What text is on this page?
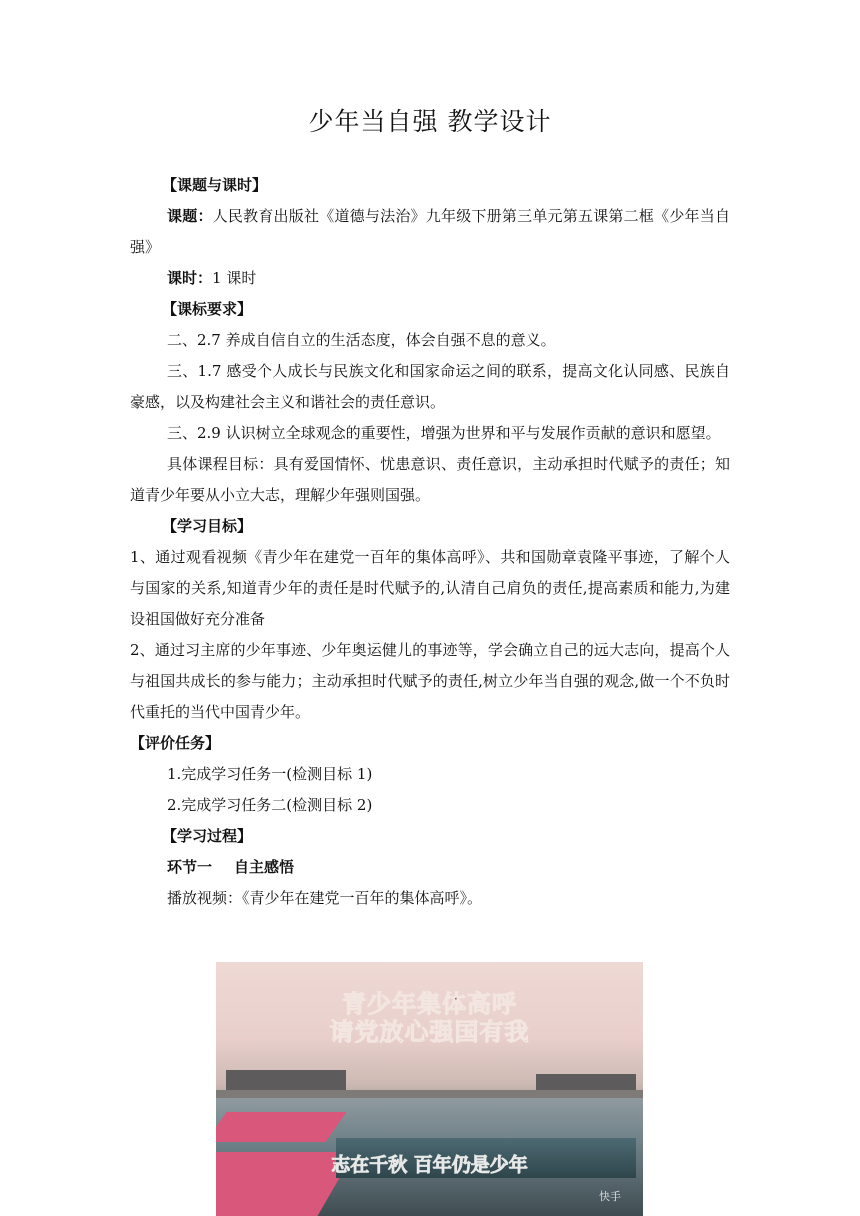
少年当自强 教学设计

【课题与课时】

课题：人民教育出版社《道德与法治》九年级下册第三单元第五课第二框《少年当自强》

课时：1 课时

【课标要求】

二、2.7 养成自信自立的生活态度，体会自强不息的意义。

三、1.7 感受个人成长与民族文化和国家命运之间的联系，提高文化认同感、民族自豪感，以及构建社会主义和谐社会的责任意识。

三、2.9 认识树立全球观念的重要性，增强为世界和平与发展作贡献的意识和愿望。

具体课程目标：具有爱国情怀、忧患意识、责任意识，主动承担时代赋予的责任；知道青少年要从小立大志，理解少年强则国强。

【学习目标】

1、通过观看视频《青少年在建党一百年的集体高呼》、共和国勋章袁隆平事迹，了解个人与国家的关系,知道青少年的责任是时代赋予的,认清自己肩负的责任,提高素质和能力,为建设祖国做好充分准备

2、通过习主席的少年事迹、少年奥运健儿的事迹等，学会确立自己的远大志向，提高个人与祖国共成长的参与能力；主动承担时代赋予的责任,树立少年当自强的观念,做一个不负时代重托的当代中国青少年。

【评价任务】

1.完成学习任务一(检测目标 1)

2.完成学习任务二(检测目标 2)

【学习过程】

环节一 自主感悟

播放视频：《青少年在建党一百年的集体高呼》。

青少年集体高呼
请党放心强国有我
志在千秋 百年仍是少年
快手
